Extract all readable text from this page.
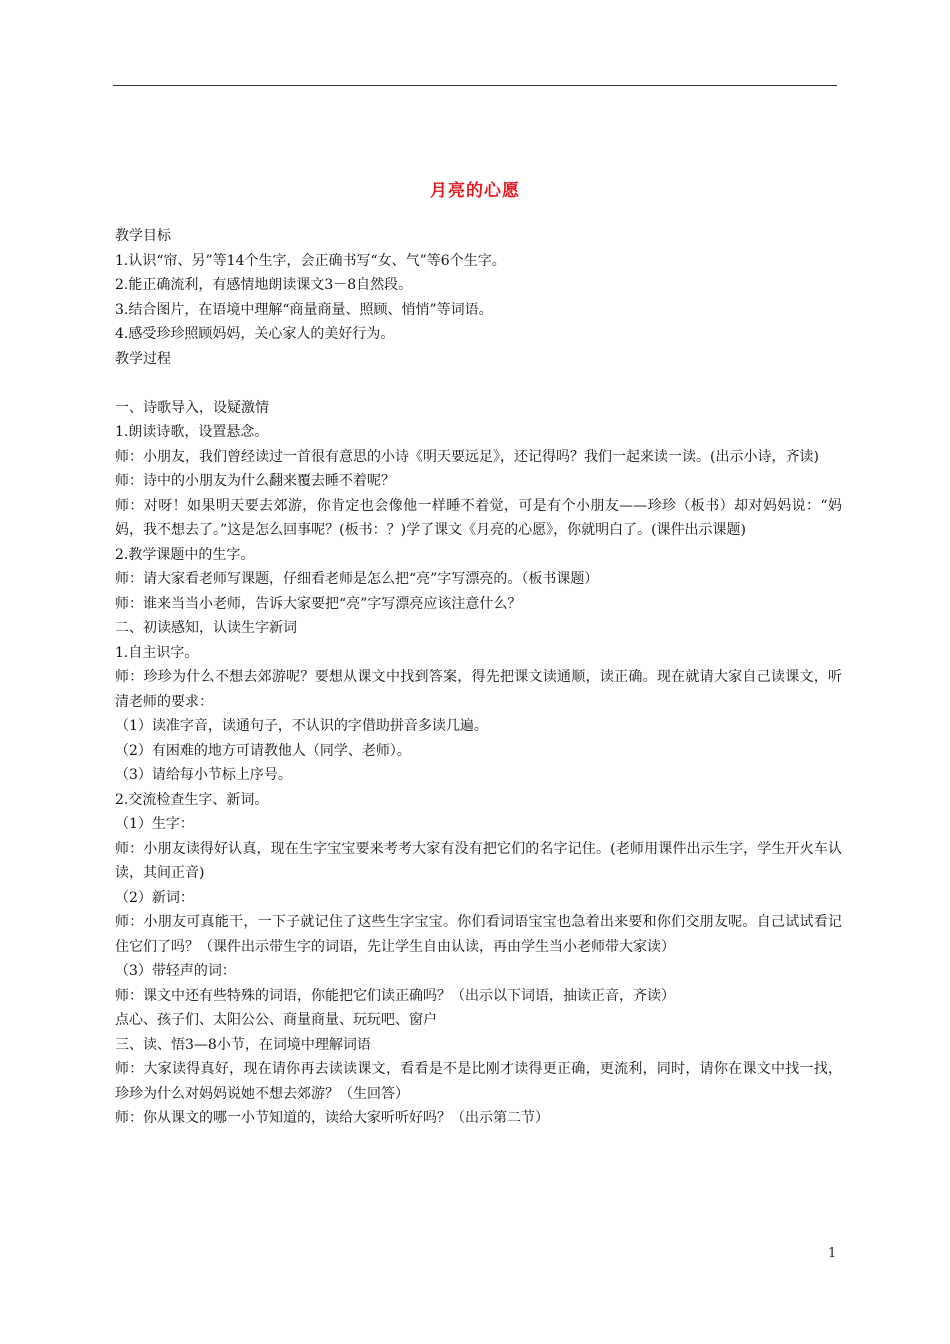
月亮的心愿

教学目标

1.认识“帘、另”等14个生字，会正确书写“女、气”等6个生字。

2.能正确流利，有感情地朗读课文3－8自然段。

3.结合图片，在语境中理解“商量商量、照顾、悄悄”等词语。

4.感受珍珍照顾妈妈，关心家人的美好行为。

教学过程

一、诗歌导入，设疑激情

1.朗读诗歌，设置悬念。

师：小朋友，我们曾经读过一首很有意思的小诗《明天要远足》，还记得吗？我们一起来读一读。(出示小诗，齐读)

师：诗中的小朋友为什么翻来覆去睡不着呢？

师：对呀！如果明天要去郊游，你肯定也会像他一样睡不着觉，可是有个小朋友——珍珍（板书）却对妈妈说：“妈妈，我不想去了。”这是怎么回事呢？(板书：？)学了课文《月亮的心愿》，你就明白了。(课件出示课题)

2.教学课题中的生字。

师：请大家看老师写课题，仔细看老师是怎么把“亮”字写漂亮的。（板书课题）

师：谁来当当小老师，告诉大家要把“亮”字写漂亮应该注意什么？

二、初读感知，认读生字新词

1.自主识字。

师：珍珍为什么不想去郊游呢？要想从课文中找到答案，得先把课文读通顺，读正确。现在就请大家自己读课文，听清老师的要求：

（1）读准字音，读通句子，不认识的字借助拼音多读几遍。

（2）有困难的地方可请教他人（同学、老师）。

（3）请给每小节标上序号。

2.交流检查生字、新词。

（1）生字：

师：小朋友读得好认真，现在生字宝宝要来考考大家有没有把它们的名字记住。(老师用课件出示生字，学生开火车认读，其间正音)

（2）新词：

师：小朋友可真能干，一下子就记住了这些生字宝宝。你们看词语宝宝也急着出来要和你们交朋友呢。自己试试看记住它们了吗？（课件出示带生字的词语，先让学生自由认读，再由学生当小老师带大家读）

（3）带轻声的词：

师：课文中还有些特殊的词语，你能把它们读正确吗？（出示以下词语，抽读正音，齐读）

点心、孩子们、太阳公公、商量商量、玩玩吧、窗户

三、读、悟3—8小节，在词境中理解词语

师：大家读得真好，现在请你再去读读课文，看看是不是比刚才读得更正确，更流利，同时，请你在课文中找一找，珍珍为什么对妈妈说她不想去郊游？（生回答）

师：你从课文的哪一小节知道的，读给大家听听好吗？（出示第二节）

1
